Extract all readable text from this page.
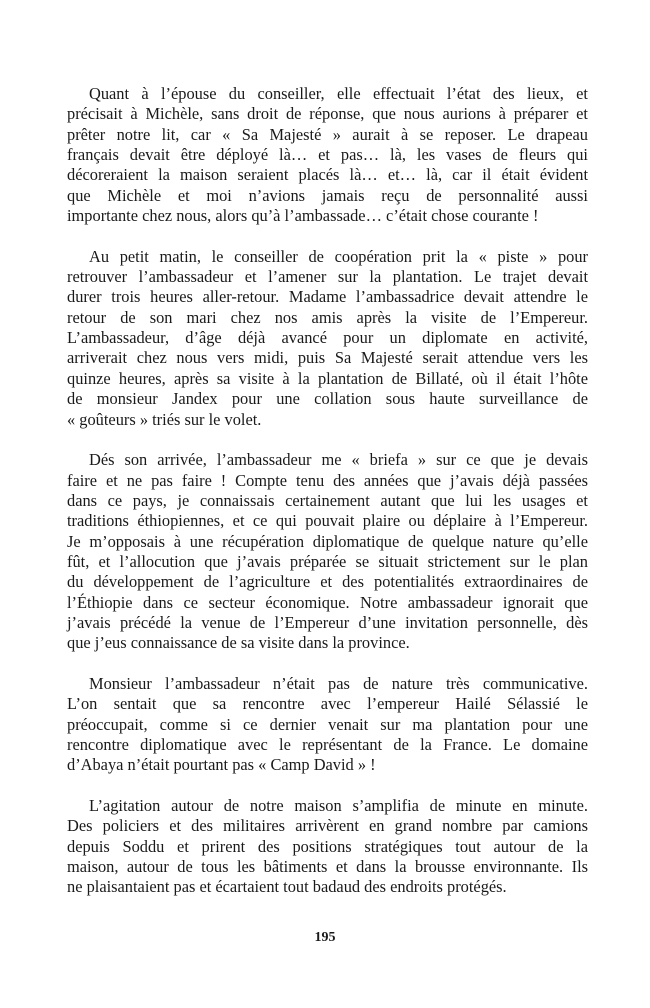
Quant à l’épouse du conseiller, elle effectuait l’état des lieux, et
précisait à Michèle, sans droit de réponse, que nous aurions à préparer et
prêter notre lit, car « Sa Majesté » aurait à se reposer. Le drapeau
français devait être déployé là… et pas… là, les vases de fleurs qui
décoreraient la maison seraient placés là… et… là, car il était évident
que Michèle et moi n’avions jamais reçu de personnalité aussi
importante chez nous, alors qu’à l’ambassade… c’était chose courante !
Au petit matin, le conseiller de coopération prit la « piste » pour
retrouver l’ambassadeur et l’amener sur la plantation. Le trajet devait
durer trois heures aller-retour. Madame l’ambassadrice devait attendre le
retour de son mari chez nos amis après la visite de l’Empereur.
L’ambassadeur, d’âge déjà avancé pour un diplomate en activité,
arriverait chez nous vers midi, puis Sa Majesté serait attendue vers les
quinze heures, après sa visite à la plantation de Billaté, où il était l’hôte
de monsieur Jandex pour une collation sous haute surveillance de
« goûteurs » triés sur le volet.
Dés son arrivée, l’ambassadeur me « briefa » sur ce que je devais
faire et ne pas faire ! Compte tenu des années que j’avais déjà passées
dans ce pays, je connaissais certainement autant que lui les usages et
traditions éthiopiennes, et ce qui pouvait plaire ou déplaire à l’Empereur.
Je m’opposais à une récupération diplomatique de quelque nature qu’elle
fût, et l’allocution que j’avais préparée se situait strictement sur le plan
du développement de l’agriculture et des potentialités extraordinaires de
l’Éthiopie dans ce secteur économique. Notre ambassadeur ignorait que
j’avais précédé la venue de l’Empereur d’une invitation personnelle, dès
que j’eus connaissance de sa visite dans la province.
Monsieur l’ambassadeur n’était pas de nature très communicative.
L’on sentait que sa rencontre avec l’empereur Hailé Sélassié le
préoccupait, comme si ce dernier venait sur ma plantation pour une
rencontre diplomatique avec le représentant de la France. Le domaine
d’Abaya n’était pourtant pas « Camp David » !
L’agitation autour de notre maison s’amplifia de minute en minute.
Des policiers et des militaires arrivèrent en grand nombre par camions
depuis Soddu et prirent des positions stratégiques tout autour de la
maison, autour de tous les bâtiments et dans la brousse environnante. Ils
ne plaisantaient pas et écartaient tout badaud des endroits protégés.
195
